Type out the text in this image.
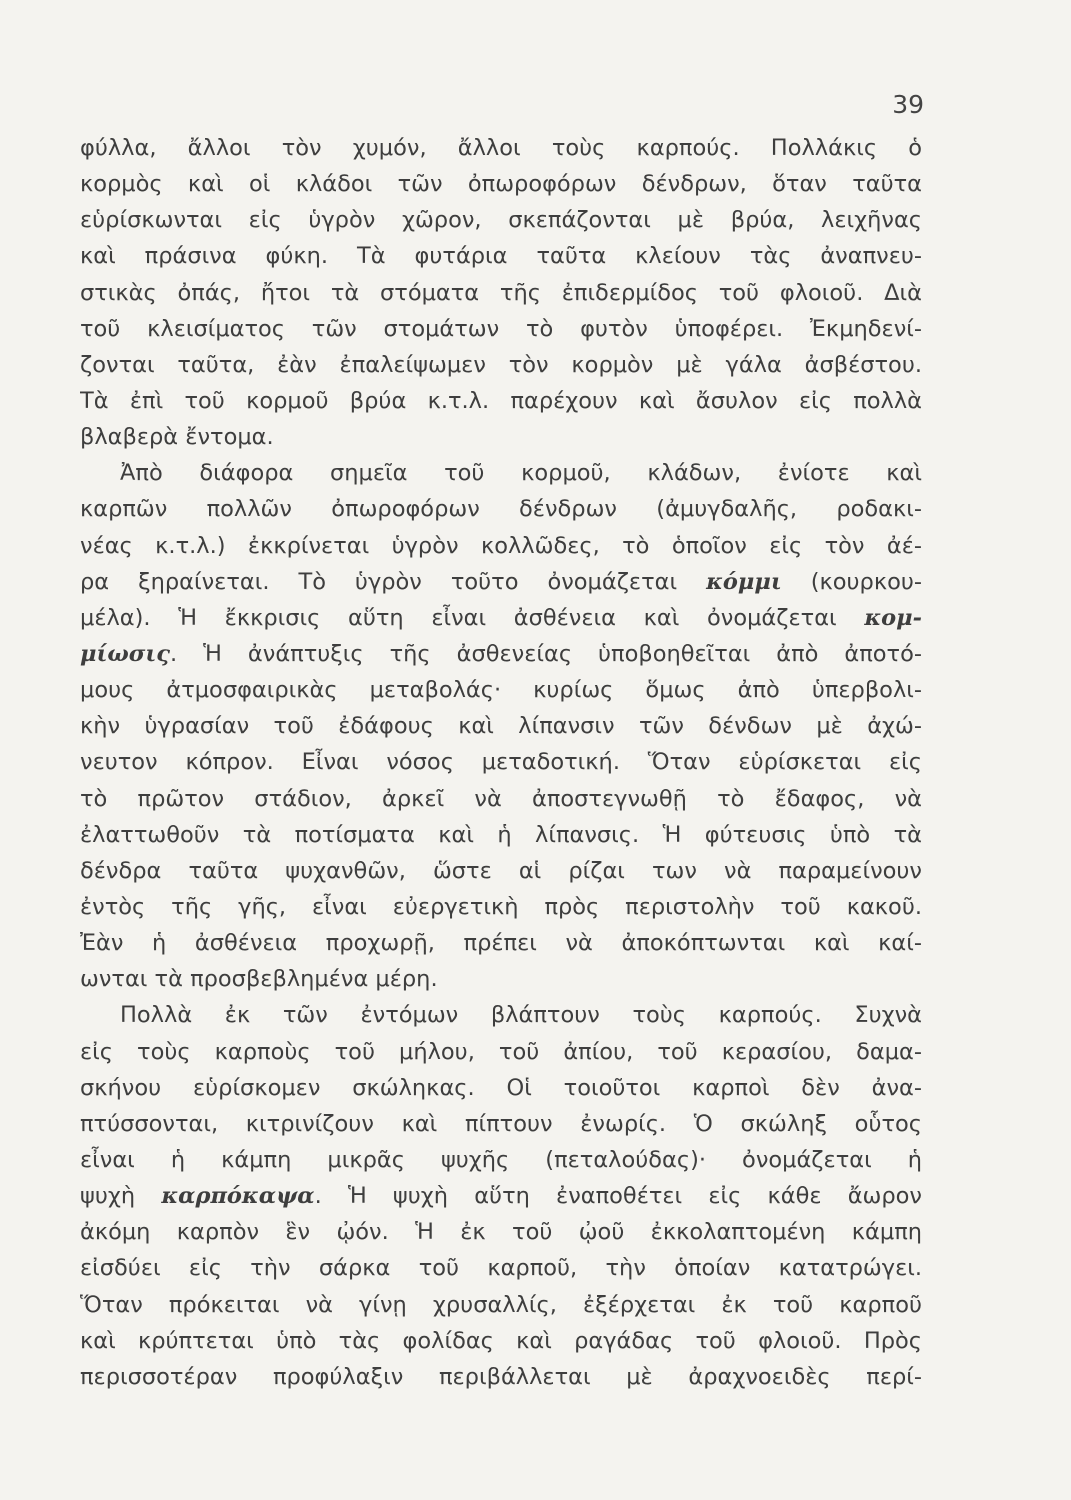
39
φύλλα, ἄλλοι τὸν χυμόν, ἄλλοι τοὺς καρπούς. Πολλάκις ὁ
κορμὸς καὶ οἱ κλάδοι τῶν ὀπωροφόρων δένδρων, ὅταν ταῦτα
εὑρίσκωνται εἰς ὑγρὸν χῶρον, σκεπάζονται μὲ βρύα, λειχῆνας
καὶ πράσινα φύκη. Τὰ φυτάρια ταῦτα κλείουν τὰς ἀναπνευ-
στικὰς ὀπάς, ἤτοι τὰ στόματα τῆς ἐπιδερμίδος τοῦ φλοιοῦ. Διὰ
τοῦ κλεισίματος τῶν στομάτων τὸ φυτὸν ὑποφέρει. Ἐκμηδενί-
ζονται ταῦτα, ἐὰν ἐπαλείψωμεν τὸν κορμὸν μὲ γάλα ἀσβέστου.
Τὰ ἐπὶ τοῦ κορμοῦ βρύα κ.τ.λ. παρέχουν καὶ ἄσυλον εἰς πολλὰ
βλαβερὰ ἔντομα.
Ἀπὸ διάφορα σημεῖα τοῦ κορμοῦ, κλάδων, ἐνίοτε καὶ
καρπῶν πολλῶν ὀπωροφόρων δένδρων (ἀμυγδαλῆς, ροδακι-
νέας κ.τ.λ.) ἐκκρίνεται ὑγρὸν κολλῶδες, τὸ ὁποῖον εἰς τὸν ἀέ-
ρα ξηραίνεται. Τὸ ὑγρὸν τοῦτο ὀνομάζεται κόμμι (κουρκου-
μέλα). Ἡ ἔκκρισις αὕτη εἶναι ἀσθένεια καὶ ὀνομάζεται κομ-
μίωσις. Ἡ ἀνάπτυξις τῆς ἀσθενείας ὑποβοηθεῖται ἀπὸ ἀποτό-
μους ἀτμοσφαιρικὰς μεταβολάς· κυρίως ὅμως ἀπὸ ὑπερβολι-
κὴν ὑγρασίαν τοῦ ἐδάφους καὶ λίπανσιν τῶν δένδων μὲ ἀχώ-
νευτον κόπρον. Εἶναι νόσος μεταδοτική. Ὅταν εὑρίσκεται εἰς
τὸ πρῶτον στάδιον, ἀρκεῖ νὰ ἀποστεγνωθῇ τὸ ἔδαφος, νὰ
ἐλαττωθοῦν τὰ ποτίσματα καὶ ἡ λίπανσις. Ἡ φύτευσις ὑπὸ τὰ
δένδρα ταῦτα ψυχανθῶν, ὥστε αἱ ρίζαι των νὰ παραμείνουν
ἐντὸς τῆς γῆς, εἶναι εὐεργετικὴ πρὸς περιστολὴν τοῦ κακοῦ.
Ἐὰν ἡ ἀσθένεια προχωρῇ, πρέπει νὰ ἀποκόπτωνται καὶ καί-
ωνται τὰ προσβεβλημένα μέρη.
Πολλὰ ἐκ τῶν ἐντόμων βλάπτουν τοὺς καρπούς. Συχνὰ
εἰς τοὺς καρποὺς τοῦ μήλου, τοῦ ἀπίου, τοῦ κερασίου, δαμα-
σκήνου εὑρίσκομεν σκώληκας. Οἱ τοιοῦτοι καρποὶ δὲν ἀνα-
πτύσσονται, κιτρινίζουν καὶ πίπτουν ἐνωρίς. Ὁ σκώληξ οὗτος
εἶναι ἡ κάμπη μικρᾶς ψυχῆς (πεταλούδας)· ὀνομάζεται ἡ
ψυχὴ καρπόκαψα. Ἡ ψυχὴ αὕτη ἐναποθέτει εἰς κάθε ἄωρον
ἀκόμη καρπὸν ἓν ᾠόν. Ἡ ἐκ τοῦ ᾠοῦ ἐκκολαπτομένη κάμπη
εἰσδύει εἰς τὴν σάρκα τοῦ καρποῦ, τὴν ὁποίαν κατατρώγει.
Ὅταν πρόκειται νὰ γίνῃ χρυσαλλίς, ἐξέρχεται ἐκ τοῦ καρποῦ
καὶ κρύπτεται ὑπὸ τὰς φολίδας καὶ ραγάδας τοῦ φλοιοῦ. Πρὸς
περισσοτέραν προφύλαξιν περιβάλλεται μὲ ἀραχνοειδὲς περί-
